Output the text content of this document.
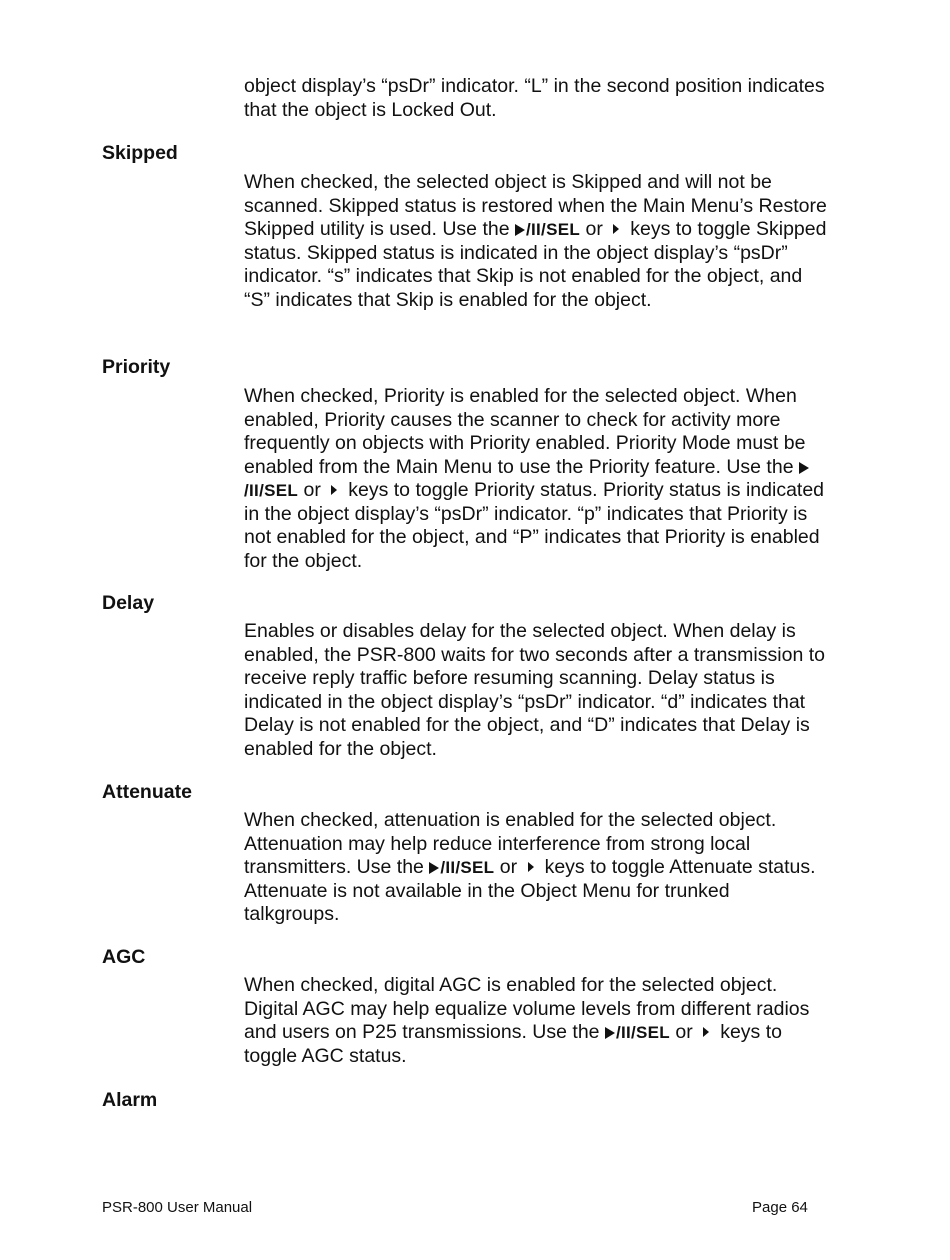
object display’s “psDr” indicator. “L” in the second position indicates that the object is Locked Out.

Skipped

When checked, the selected object is Skipped and will not be scanned. Skipped status is restored when the Main Menu’s Restore Skipped utility is used. Use the /II/SEL or keys to toggle Skipped status. Skipped status is indicated in the object display’s “psDr” indicator. “s” indicates that Skip is not enabled for the object, and “S” indicates that Skip is enabled for the object.

Priority

When checked, Priority is enabled for the selected object. When enabled, Priority causes the scanner to check for activity more frequently on objects with Priority enabled. Priority Mode must be enabled from the Main Menu to use the Priority feature. Use the /II/SEL or keys to toggle Priority status. Priority status is indicated in the object display’s “psDr” indicator. “p” indicates that Priority is not enabled for the object, and “P” indicates that Priority is enabled for the object.

Delay

Enables or disables delay for the selected object. When delay is enabled, the PSR-800 waits for two seconds after a transmission to receive reply traffic before resuming scanning. Delay status is indicated in the object display’s “psDr” indicator. “d” indicates that Delay is not enabled for the object, and “D” indicates that Delay is enabled for the object.

Attenuate

When checked, attenuation is enabled for the selected object. Attenuation may help reduce interference from strong local transmitters. Use the /II/SEL or keys to toggle Attenuate status. Attenuate is not available in the Object Menu for trunked talkgroups.

AGC

When checked, digital AGC is enabled for the selected object. Digital AGC may help equalize volume levels from different radios and users on P25 transmissions. Use the /II/SEL or keys to toggle AGC status.

Alarm
PSR-800 User Manual	Page 64
